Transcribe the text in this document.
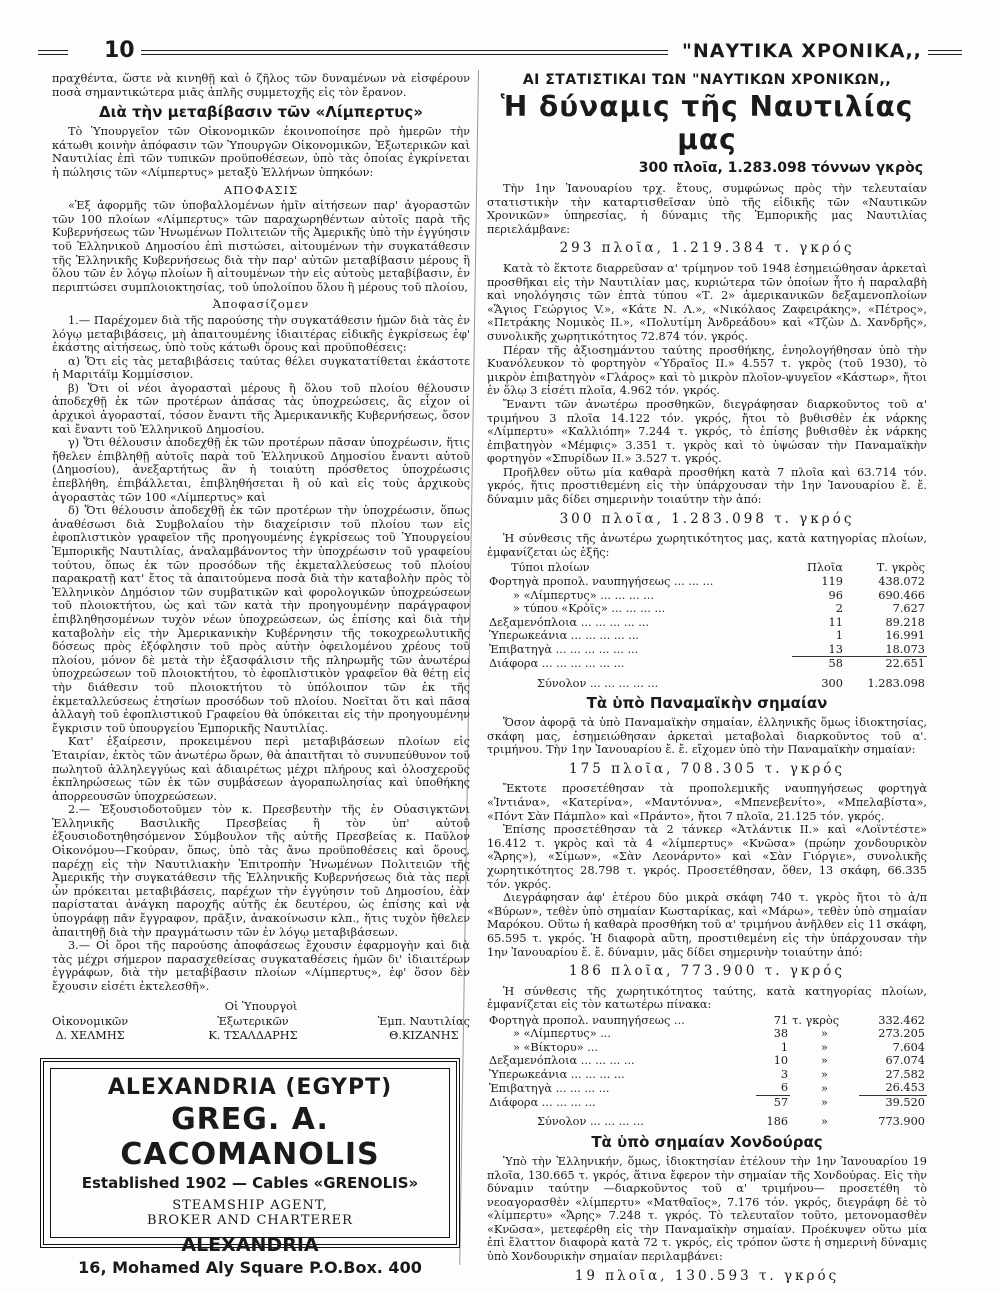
10	"ΝΑΥΤΙΚΑ ΧΡΟΝΙΚΑ,,

πραχθέντα, ὥστε νὰ κινηθῇ καὶ ὁ ζῆλος τῶν δυναμένων νὰ εἰσφέρουν ποσὰ σημαντικώτερα μιᾶς ἁπλῆς συμμετοχῆς εἰς τὸν ἔρανον.

Διὰ τὴν μεταβίβασιν τῶν «Λίμπερτυς»

Τὸ Ὑπουργεῖον τῶν Οἰκονομικῶν ἐκοινοποίησε πρὸ ἡμερῶν τὴν κάτωθι κοινὴν ἀπόφασιν τῶν Ὑπουργῶν Οἰκονομικῶν, Ἐξωτερικῶν καὶ Ναυτιλίας ἐπὶ τῶν τυπικῶν προϋποθέσεων, ὑπὸ τὰς ὁποίας ἐγκρίνεται ἡ πώλησις τῶν «Λίμπερτυς» μεταξὺ Ἑλλήνων ὑπηκόων:

ΑΠΟΦΑΣΙΣ

«Ἐξ ἀφορμῆς τῶν ὑποβαλλομένων ἡμῖν αἰτήσεων παρ' ἀγοραστῶν τῶν 100 πλοίων «Λίμπερτυς» τῶν παραχωρηθέντων αὐτοῖς παρὰ τῆς Κυβερνήσεως τῶν Ἡνωμένων Πολιτειῶν τῆς Ἀμερικῆς ὑπὸ τὴν ἐγγύησιν τοῦ Ἑλληνικοῦ Δημοσίου ἐπὶ πιστώσει, αἰτουμένων τὴν συγκατάθεσιν τῆς Ἑλληνικῆς Κυβερνήσεως διὰ τὴν παρ' αὐτῶν μεταβίβασιν μέρους ἢ ὅλου τῶν ἐν λόγῳ πλοίων ἢ αἰτουμένων τὴν εἰς αὐτοὺς μεταβίβασιν, ἐν περιπτώσει συμπλοιοκτησίας, τοῦ ὑπολοίπου ὅλου ἢ μέρους τοῦ πλοίου,

Ἀποφασίζομεν

1.— Παρέχομεν διὰ τῆς παρούσης τὴν συγκατάθεσιν ἡμῶν διὰ τὰς ἐν λόγῳ μεταβιβάσεις, μὴ ἀπαιτουμένης ἰδιαιτέρας εἰδικῆς ἐγκρίσεως ἐφ' ἑκάστης αἰτήσεως, ὑπὸ τοὺς κάτωθι ὅρους καὶ προϋποθέσεις:

α) Ὅτι εἰς τὰς μεταβιβάσεις ταύτας θέλει συγκατατίθεται ἑκάστοτε ἡ Μαριτάϊμ Κομμίσσιον.

β) Ὅτι οἱ νέοι ἀγορασταὶ μέρους ἢ ὅλου τοῦ πλοίου θέλουσιν ἀποδεχθῇ ἐκ τῶν προτέρων ἁπάσας τὰς ὑποχρεώσεις, ἃς εἶχον οἱ ἀρχικοὶ ἀγορασταί, τόσον ἔναντι τῆς Ἀμερικανικῆς Κυβερνήσεως, ὅσον καὶ ἔναντι τοῦ Ἑλληνικοῦ Δημοσίου.

γ) Ὅτι θέλουσιν ἀποδεχθῇ ἐκ τῶν προτέρων πᾶσαν ὑποχρέωσιν, ἥτις ἤθελεν ἐπιβληθῇ αὐτοῖς παρὰ τοῦ Ἑλληνικοῦ Δημοσίου ἔναντι αὐτοῦ (Δημοσίου), ἀνεξαρτήτως ἂν ἡ τοιαύτη πρόσθετος ὑποχρέωσις ἐπεβλήθη, ἐπιβάλλεται, ἐπιβληθήσεται ἢ οὐ καὶ εἰς τοὺς ἀρχικοὺς ἀγοραστὰς τῶν 100 «Λίμπερτυς» καὶ

δ) Ὅτι θέλουσιν ἀποδεχθῇ ἐκ τῶν προτέρων τὴν ὑποχρέωσιν, ὅπως ἀναθέσωσι διὰ Συμβολαίου τὴν διαχείρισιν τοῦ πλοίου των εἰς ἐφοπλιστικὸν γραφεῖον τῆς προηγουμένης ἐγκρίσεως τοῦ Ὑπουργείου Ἐμπορικῆς Ναυτιλίας, ἀναλαμβάνοντος τὴν ὑποχρέωσιν τοῦ γραφείου τούτου, ὅπως ἐκ τῶν προσόδων τῆς ἐκμεταλλεύσεως τοῦ πλοίου παρακρατῇ κατ' ἔτος τὰ ἀπαιτούμενα ποσὰ διὰ τὴν καταβολὴν πρὸς τὸ Ἑλληνικὸν Δημόσιον τῶν συμβατικῶν καὶ φορολογικῶν ὑποχρεώσεων τοῦ πλοιοκτήτου, ὡς καὶ τῶν κατὰ τὴν προηγουμένην παράγραφον ἐπιβληθησομένων τυχὸν νέων ὑποχρεώσεων, ὡς ἐπίσης καὶ διὰ τὴν καταβολὴν εἰς τὴν Ἀμερικανικὴν Κυβέρνησιν τῆς τοκοχρεωλυτικῆς δόσεως πρὸς ἐξόφλησιν τοῦ πρὸς αὐτὴν ὀφειλομένου χρέους τοῦ πλοίου, μόνον δὲ μετὰ τὴν ἐξασφάλισιν τῆς πληρωμῆς τῶν ἀνωτέρω ὑποχρεώσεων τοῦ πλοιοκτήτου, τὸ ἐφοπλιστικὸν γραφεῖον θὰ θέτῃ εἰς τὴν διάθεσιν τοῦ πλοιοκτήτου τὸ ὑπόλοιπον τῶν ἐκ τῆς ἐκμεταλλεύσεως ἐτησίων προσόδων τοῦ πλοίου. Νοεῖται ὅτι καὶ πᾶσα ἀλλαγὴ τοῦ ἐφοπλιστικοῦ Γραφείου θὰ ὑπόκειται εἰς τὴν προηγουμένην ἔγκρισιν τοῦ ὑπουργείου Ἐμπορικῆς Ναυτιλίας.

Κατ' ἐξαίρεσιν, προκειμένου περὶ μεταβιβάσεων πλοίων εἰς Ἑταιρίαν, ἐκτὸς τῶν ἀνωτέρω ὅρων, θὰ ἀπαιτῆται τὸ συνυπεύθυνον τοῦ πωλητοῦ ἀλληλεγγύως καὶ ἀδιαιρέτως μέχρι πλήρους καὶ ὁλοσχεροῦς ἐκπληρώσεως τῶν ἐκ τῶν συμβάσεων ἀγοραπωλησίας καὶ ὑποθήκης ἀπορρεουσῶν ὑποχρεώσεων.

2.— Ἐξουσιοδοτοῦμεν τὸν κ. Πρεσβευτὴν τῆς ἐν Οὐασιγκτῶνι Ἑλληνικῆς Βασιλικῆς Πρεσβείας ἢ τὸν ὑπ' αὐτοῦ ἐξουσιοδοτηθησόμενον Σύμβουλον τῆς αὐτῆς Πρεσβείας κ. Παῦλον Οἰκονόμου—Γκούραν, ὅπως, ὑπὸ τὰς ἄνω προϋποθέσεις καὶ ὅρους, παρέχῃ εἰς τὴν Ναυτιλιακὴν Ἐπιτροπὴν Ἡνωμένων Πολιτειῶν τῆς Ἀμερικῆς τὴν συγκατάθεσιν τῆς Ἑλληνικῆς Κυβερνήσεως διὰ τὰς περὶ ὧν πρόκειται μεταβιβάσεις, παρέχων τὴν ἐγγύησιν τοῦ Δημοσίου, ἐὰν παρίσταται ἀνάγκη παροχῆς αὐτῆς ἐκ δευτέρου, ὡς ἐπίσης καὶ νὰ ὑπογράφῃ πᾶν ἔγγραφον, πρᾶξιν, ἀνακοίνωσιν κλπ., ἥτις τυχὸν ἤθελεν ἀπαιτηθῇ διὰ τὴν πραγμάτωσιν τῶν ἐν λόγῳ μεταβιβάσεων.

3.— Οἱ ὅροι τῆς παρούσης ἀποφάσεως ἔχουσιν ἐφαρμογὴν καὶ διὰ τὰς μέχρι σήμερον παρασχεθείσας συγκαταθέσεις ἡμῶν δι' ἰδιαιτέρων ἐγγράφων, διὰ τὴν μεταβίβασιν πλοίων «Λίμπερτυς», ἐφ' ὅσον δὲν ἔχουσιν εἰσέτι ἐκτελεσθῆ».

Οἱ Ὑπουργοὶ
Οἰκονομικῶν
Δ. ΧΕΛΜΗΣ
Ἐξωτερικῶν
Κ. ΤΣΑΛΔΑΡΗΣ
Ἐμπ. Ναυτιλίας
Θ.ΚΙΖΑΝΗΣ
ALEXANDRIA (EGYPT)
GREG. A. CACOMANOLIS
Established 1902 — Cables «GRENOLIS»
STEAMSHIP AGENT,
BROKER AND CHARTERER
ALEXANDRIA
16, Mohamed Aly Square P.O.Box. 400
ΑΙ ΣΤΑΤΙΣΤΙΚΑΙ ΤΩΝ "ΝΑΥΤΙΚΩΝ ΧΡΟΝΙΚΩΝ,,
Ἡ δύναμις τῆς Ναυτιλίας μας
300 πλοῖα, 1.283.098 τόννων γκρὸς

Τὴν 1ην Ἰανουαρίου τρχ. ἔτους, συμφώνως πρὸς τὴν τελευταίαν στατιστικὴν τὴν καταρτισθεῖσαν ὑπὸ τῆς εἰδικῆς τῶν «Ναυτικῶν Χρονικῶν» ὑπηρεσίας, ἡ δύναμις τῆς Ἐμπορικῆς μας Ναυτιλίας περιελάμβανε:

293 πλοῖα, 1.219.384 τ. γκρός

Κατὰ τὸ ἕκτοτε διαρρεῦσαν α' τρίμηνον τοῦ 1948 ἐσημειώθησαν ἀρκεταὶ προσθῆκαι εἰς τὴν Ναυτιλίαν μας, κυριώτερα τῶν ὁποίων ἦτο ἡ παραλαβὴ καὶ νηολόγησις τῶν ἑπτὰ τύπου «Τ. 2» ἀμερικανικῶν δεξαμενοπλοίων «Ἅγιος Γεώργιος V.», «Κάτε Ν. Λ.», «Νικόλαος Ζαφειράκης», «Πέτρος», «Πετράκης Νομικὸς ΙΙ.», «Πολυτίμη Ἀνδρεάδου» καὶ «Τζὼν Δ. Χανδρῆς», συνολικῆς χωρητικότητος 72.874 τόν. γκρός.

Πέραν τῆς ἀξιοσημάντου ταύτης προσθήκης, ἐνηολογήθησαν ὑπὸ τὴν Κυανόλευκον τὸ φορτηγὸν «Ὑδραῖος ΙΙ.» 4.557 τ. γκρὸς (τοῦ 1930), τὸ μικρὸν ἐπιβατηγὸν «Γλάρος» καὶ τὸ μικρὸν πλοῖον-ψυγεῖον «Κάστωρ», ἤτοι ἐν ὅλῳ 3 εἰσέτι πλοῖα, 4.962 τόν. γκρός.

Ἔναντι τῶν ἀνωτέρω προσθηκῶν, διεγράφησαν διαρκοῦντος τοῦ α' τριμήνου 3 πλοῖα 14.122 τόν. γκρός, ἤτοι τὸ βυθισθὲν ἐκ νάρκης «Λίμπερτυ» «Καλλιόπη» 7.244 τ. γκρός, τὸ ἐπίσης βυθισθὲν ἐκ νάρκης ἐπιβατηγὸν «Μέμφις» 3.351 τ. γκρὸς καὶ τὸ ὑψώσαν τὴν Παναμαϊκὴν φορτηγὸν «Σπυρίδων ΙΙ.» 3.527 τ. γκρός.

Προῆλθεν οὕτω μία καθαρὰ προσθήκη κατὰ 7 πλοῖα καὶ 63.714 τόν. γκρός, ἥτις προστιθεμένη εἰς τὴν ὑπάρχουσαν τὴν 1ην Ἰανουαρίου ἔ. ἔ. δύναμιν μᾶς δίδει σημερινὴν τοιαύτην τὴν ἀπό:

300 πλοῖα, 1.283.098 τ. γκρός

Ἡ σύνθεσις τῆς ἀνωτέρω χωρητικότητος μας, κατὰ κατηγορίας πλοίων, ἐμφανίζεται ὡς ἑξῆς:

Τύποι πλοίων	Πλοῖα	Τ. γκρὸς
Φορτηγὰ προπολ. ναυπηγήσεως ... ... ...	119	438.072
» «Λίμπερτυς» ... ... ... ...	96	690.466
» τύπου «Κρὸϊς» ... ... ... ...	2	7.627
Δεξαμενόπλοια ... ... ... ... ...	11	89.218
Ὑπερωκεάνια ... ... ... ... ...	1	16.991
Ἐπιβατηγὰ ... ... ... ... ... ...	13	18.073
Διάφορα ... ... ... ... ... ...	58	22.651
Σύνολον ... ... ... ... ...	300	1.283.098
Τὰ ὑπὸ Παναμαϊκὴν σημαίαν

Ὅσον ἀφορᾷ τὰ ὑπὸ Παναμαϊκὴν σημαίαν, ἑλληνικῆς ὅμως ἰδιοκτησίας, σκάφη μας, ἐσημειώθησαν ἀρκεταὶ μεταβολαὶ διαρκοῦντος τοῦ α'. τριμήνου. Τὴν 1ην Ἰανουαρίου ἔ. ἔ. εἴχομεν ὑπὸ τὴν Παναμαϊκὴν σημαίαν:

175 πλοῖα, 708.305 τ. γκρός

Ἔκτοτε προσετέθησαν τὰ προπολεμικῆς ναυπηγήσεως φορτηγὰ «Ἰντιάνα», «Κατερίνα», «Μαντόννα», «Μπενεβενίτο», «Μπελαβίστα», «Πόντ Σὰν Πάμπλο» καὶ «Πράντο», ἤτοι 7 πλοῖα, 21.125 τόν. γκρός.

Ἐπίσης προσετέθησαν τὰ 2 τάνκερ «Ἀτλάντικ ΙΙ.» καὶ «Λοϊντέστε» 16.412 τ. γκρὸς καὶ τὰ 4 «λίμπερτυς» «Κνῶσα» (πρώην χονδουρικὸν «Ἄρης»), «Σίμων», «Σὰν Λεονάρντο» καὶ «Σὰν Γιόργιε», συνολικῆς χωρητικότητος 28.798 τ. γκρός. Προσετέθησαν, ὅθεν, 13 σκάφη, 66.335 τόν. γκρός.

Διεγράφησαν ἀφ' ἑτέρου δύο μικρὰ σκάφη 740 τ. γκρὸς ἤτοι τὸ ἀ/π «Βύρων», τεθὲν ὑπὸ σημαίαν Κωσταρίκας, καὶ «Μάρω», τεθὲν ὑπὸ σημαίαν Μαρόκου. Οὕτω ἡ καθαρὰ προσθήκη τοῦ α' τριμήνου ἀνῆλθεν εἰς 11 σκάφη, 65.595 τ. γκρός. Ἡ διαφορὰ αὕτη, προστιθεμένη εἰς τὴν ὑπάρχουσαν τὴν 1ην Ἰανουαρίου ἔ. ἔ. δύναμιν, μᾶς δίδει σημερινὴν τοιαύτην ἀπό:

186 πλοῖα, 773.900 τ. γκρός

Ἡ σύνθεσις τῆς χωρητικότητος ταύτης, κατὰ κατηγορίας πλοίων, ἐμφανίζεται εἰς τὸν κατωτέρω πίνακα:

Φορτηγὰ προπολ. ναυπηγήσεως ...	71	τ. γκρὸς	332.462
» «Λίμπερτυς» ...	38	»	273.205
» «Βίκτορυ» ...	1	»	7.604
Δεξαμενόπλοια ... ... ... ...	10	»	67.074
Ὑπερωκεάνια ... ... ... ...	3	»	27.582
Ἐπιβατηγὰ ... ... ... ...	6	»	26.453
Διάφορα ... ... ... ...	57	»	39.520
Σύνολον ... ... ... ...	186	»	773.900
Τὰ ὑπὸ σημαίαν Χονδούρας

Ὑπὸ τὴν Ἑλληνικήν, ὅμως, ἰδιοκτησίαν ἐτέλουν τὴν 1ην Ἰανουαρίου 19 πλοῖα, 130.665 τ. γκρός, ἅτινα ἔφερον τὴν σημαίαν τῆς Χονδούρας. Εἰς τὴν δύναμιν ταύτην —διαρκοῦντος τοῦ α' τριμήνου— προσετέθη τὸ νεοαγορασθὲν «λίμπερτυ» «Ματθαῖος», 7.176 τόν. γκρός, διεγράφη δὲ τὸ «λίμπερτυ» «Ἄρης» 7.248 τ. γκρός. Τὸ τελευταῖον τοῦτο, μετονομασθὲν «Κνῶσα», μετεφέρθη εἰς τὴν Παναμαϊκὴν σημαίαν. Προέκυψεν οὕτω μία ἐπὶ ἔλαττον διαφορὰ κατὰ 72 τ. γκρός, εἰς τρόπον ὥστε ἡ σημερινὴ δύναμις ὑπὸ Χονδουρικὴν σημαίαν περιλαμβάνει:

19 πλοῖα, 130.593 τ. γκρός
